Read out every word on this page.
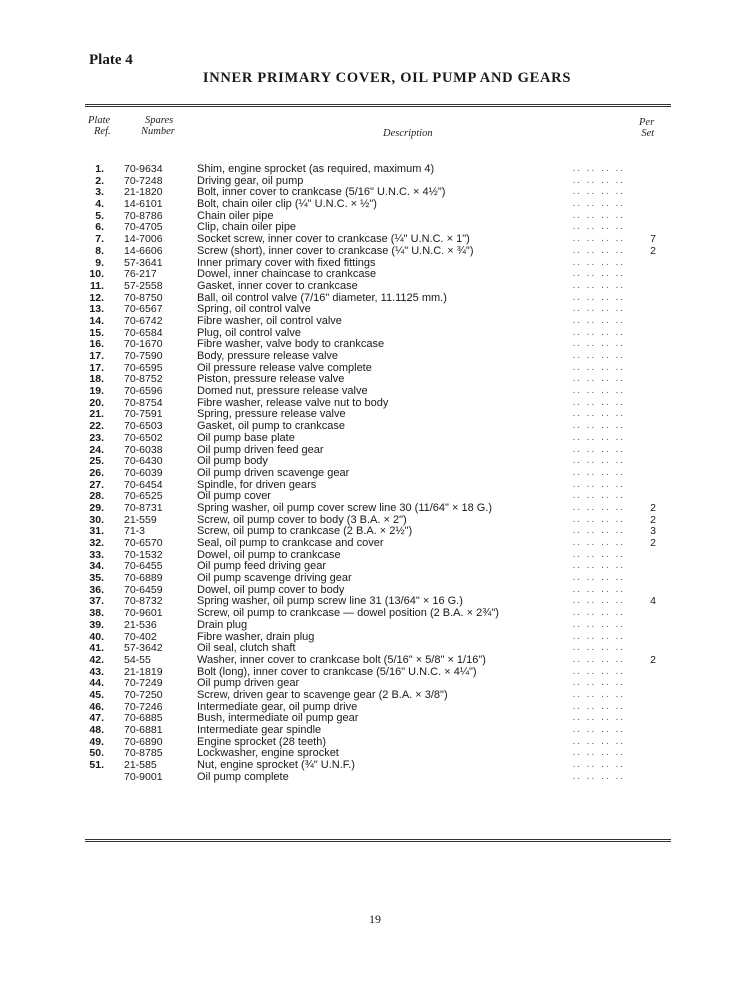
Plate 4
INNER PRIMARY COVER, OIL PUMP AND GEARS
Plate
Ref.
Spares
Number	Description
Per
Set
1. 70-9634	Shim, engine sprocket (as required, maximum 4)	.. .. .. ..
2. 70-7248	Driving gear, oil pump	.. .. .. ..
3. 21-1820	Bolt, inner cover to crankcase (5/16" U.N.C. × 4½")	.. .. .. ..
4. 14-6101	Bolt, chain oiler clip (¼" U.N.C. × ½")	.. .. .. ..
5. 70-8786	Chain oiler pipe	.. .. .. ..
6. 70-4705	Clip, chain oiler pipe	.. .. .. ..
7. 14-7006	Socket screw, inner cover to crankcase (¼" U.N.C. × 1")	.. .. .. .. 7
8. 14-6606	Screw (short), inner cover to crankcase (¼" U.N.C. × ¾")	.. .. .. .. 2
9. 57-3641	Inner primary cover with fixed fittings	.. .. .. ..
10. 76-217	Dowel, inner chaincase to crankcase	.. .. .. ..
11. 57-2558	Gasket, inner cover to crankcase	.. .. .. ..
12. 70-8750	Ball, oil control valve (7/16" diameter, 11.1125 mm.)	.. .. .. ..
13. 70-6567	Spring, oil control valve	.. .. .. ..
14. 70-6742	Fibre washer, oil control valve	.. .. .. ..
15. 70-6584	Plug, oil control valve	.. .. .. ..
16. 70-1670	Fibre washer, valve body to crankcase	.. .. .. ..
17. 70-7590	Body, pressure release valve	.. .. .. ..
17. 70-6595	Oil pressure release valve complete	.. .. .. ..
18. 70-8752	Piston, pressure release valve	.. .. .. ..
19. 70-6596	Domed nut, pressure release valve	.. .. .. ..
20. 70-8754	Fibre washer, release valve nut to body	.. .. .. ..
21. 70-7591	Spring, pressure release valve	.. .. .. ..
22. 70-6503	Gasket, oil pump to crankcase	.. .. .. ..
23. 70-6502	Oil pump base plate	.. .. .. ..
24. 70-6038	Oil pump driven feed gear	.. .. .. ..
25. 70-6430	Oil pump body	.. .. .. ..
26. 70-6039	Oil pump driven scavenge gear	.. .. .. ..
27. 70-6454	Spindle, for driven gears	.. .. .. ..
28. 70-6525	Oil pump cover	.. .. .. ..
29. 70-8731	Spring washer, oil pump cover screw line 30 (11/64" × 18 G.)	.. .. .. .. 2
30. 21-559	Screw, oil pump cover to body (3 B.A. × 2")	.. .. .. .. 2
31. 71-3	Screw, oil pump to crankcase (2 B.A. × 2½")	.. .. .. .. 3
32. 70-6570	Seal, oil pump to crankcase and cover	.. .. .. .. 2
33. 70-1532	Dowel, oil pump to crankcase	.. .. .. ..
34. 70-6455	Oil pump feed driving gear	.. .. .. ..
35. 70-6889	Oil pump scavenge driving gear	.. .. .. ..
36. 70-6459	Dowel, oil pump cover to body	.. .. .. ..
37. 70-8732	Spring washer, oil pump screw line 31 (13/64" × 16 G.)	.. .. .. .. 4
38. 70-9601	Screw, oil pump to crankcase — dowel position (2 B.A. × 2¾")	.. .. .. ..
39. 21-536	Drain plug	.. .. .. ..
40. 70-402	Fibre washer, drain plug	.. .. .. ..
41. 57-3642	Oil seal, clutch shaft	.. .. .. ..
42. 54-55	Washer, inner cover to crankcase bolt (5/16" × 5/8" × 1/16")	.. .. .. .. 2
43. 21-1819	Bolt (long), inner cover to crankcase (5/16" U.N.C. × 4¼")	.. .. .. ..
44. 70-7249	Oil pump driven gear	.. .. .. ..
45. 70-7250	Screw, driven gear to scavenge gear (2 B.A. × 3/8")	.. .. .. ..
46. 70-7246	Intermediate gear, oil pump drive	.. .. .. ..
47. 70-6885	Bush, intermediate oil pump gear	.. .. .. ..
48. 70-6881	Intermediate gear spindle	.. .. .. ..
49. 70-6890	Engine sprocket (28 teeth)	.. .. .. ..
50. 70-8785	Lockwasher, engine sprocket	.. .. .. ..
51. 21-585	Nut, engine sprocket (¾" U.N.F.)	.. .. .. ..
70-9001	Oil pump complete	.. .. .. ..
19
